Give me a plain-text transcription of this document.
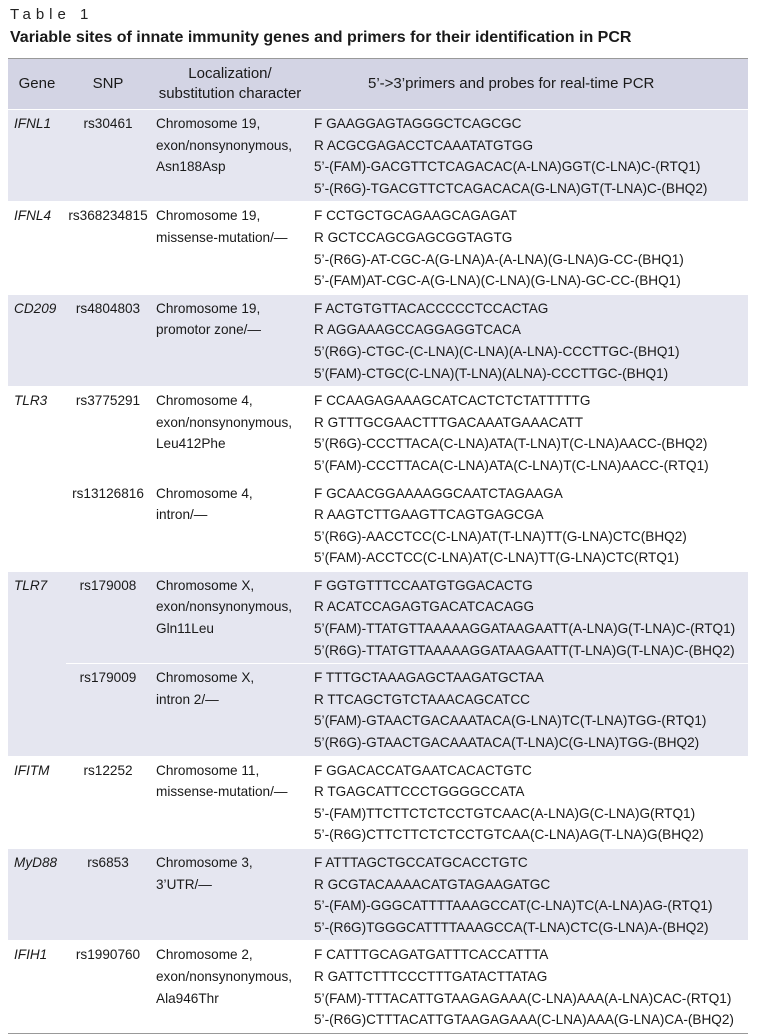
Table 1
Variable sites of innate immunity genes and primers for their identification in PCR
Gene	SNP	Localization/
substitution character	5’->3’primers and probes for real-time PCR
IFNL1	rs30461	Chromosome 19,
exon/nonsynonymous,
Asn188Asp	F GAAGGAGTAGGGCTCAGCGC
R ACGCGAGACCTCAAATATGTGG
5’-(FAM)-GACGTTCTCAGACAC(A-LNA)GGT(C-LNA)C-(RTQ1)
5’-(R6G)-TGACGTTCTCAGACACA(G-LNA)GT(T-LNA)C-(BHQ2)

IFNL4	rs368234815	Chromosome 19,
missense-mutation/—	F CCTGCTGCAGAAGCAGAGAT
R GCTCCAGCGAGCGGTAGTG
5’-(R6G)-AT-CGC-A(G-LNA)A-(A-LNA)(G-LNA)G-CC-(BHQ1)
5’-(FAM)AT-CGC-A(G-LNA)(C-LNA)(G-LNA)-GC-CC-(BHQ1)

CD209	rs4804803	Chromosome 19,
promotor zone/—	F ACTGTGTTACACCCCCTCCACTAG
R AGGAAAGCCAGGAGGTCACA
5’(R6G)-CTGC-(C-LNA)(C-LNA)(A-LNA)-CCCTTGC-(BHQ1)
5’(FAM)-CTGC(C-LNA)(T-LNA)(ALNA)-CCCTTGC-(BHQ1)

TLR3	rs3775291	Chromosome 4,
exon/nonsynonymous,
Leu412Phe	F CCAAGAGAAAGCATCACTCTCTATTTTTG
R GTTTGCGAACTTTGACAAATGAAACATT
5’(R6G)-CCCTTACA(C-LNA)ATA(T-LNA)T(C-LNA)AACC-(BHQ2)
5’(FAM)-CCCTTACA(C-LNA)ATA(C-LNA)T(C-LNA)AACC-(RTQ1)

	rs13126816	Chromosome 4,
intron/—	F GCAACGGAAAAGGCAATCTAGAAGA
R AAGTCTTGAAGTTCAGTGAGCGA
5’(R6G)-AACCTCC(C-LNA)AT(T-LNA)TT(G-LNA)CTC(BHQ2)
5’(FAM)-ACCTCC(C-LNA)AT(C-LNA)TT(G-LNA)CTC(RTQ1)

TLR7	rs179008	Chromosome X,
exon/nonsynonymous,
Gln11Leu	F GGTGTTTCCAATGTGGACACTG
R ACATCCAGAGTGACATCACAGG
5’(FAM)-TTATGTTAAAAAGGATAAGAATT(A-LNA)G(T-LNA)C-(RTQ1)
5’(R6G)-TTATGTTAAAAAGGATAAGAATT(T-LNA)G(T-LNA)C-(BHQ2)

	rs179009	Chromosome X,
intron 2/—	F TTTGCTAAAGAGCTAAGATGCTAA
R TTCAGCTGTCTAAACAGCATCC
5’(FAM)-GTAACTGACAAATACA(G-LNA)TC(T-LNA)TGG-(RTQ1)
5’(R6G)-GTAACTGACAAATACA(T-LNA)C(G-LNA)TGG-(BHQ2)

IFITM	rs12252	Chromosome 11,
missense-mutation/—	F GGACACCATGAATCACACTGTC
R TGAGCATTCCCTGGGGCCATA
5’-(FAM)TTCTTCTCTCCTGTCAAC(A-LNA)G(C-LNA)G(RTQ1)
5’-(R6G)CTTCTTCTCTCCTGTCAA(C-LNA)AG(T-LNA)G(BHQ2)

MyD88	rs6853	Chromosome 3,
3’UTR/—	F ATTTAGCTGCCATGCACCTGTC
R GCGTACAAAACATGTAGAAGATGC
5’-(FAM)-GGGCATTTTAAAGCCAT(C-LNA)TC(A-LNA)AG-(RTQ1)
5’-(R6G)TGGGCATTTTAAAGCCA(T-LNA)CTC(G-LNA)A-(BHQ2)

IFIH1	rs1990760	Chromosome 2,
exon/nonsynonymous,
Ala946Thr	F CATTTGCAGATGATTTCACCATTTA
R GATTCTTTCCCTTTGATACTTATAG
5’(FAM)-TTTACATTGTAAGAGAAA(C-LNA)AAA(A-LNA)CAC-(RTQ1)
5’-(R6G)CTTTACATTGTAAGAGAAA(C-LNA)AAA(G-LNA)CA-(BHQ2)
